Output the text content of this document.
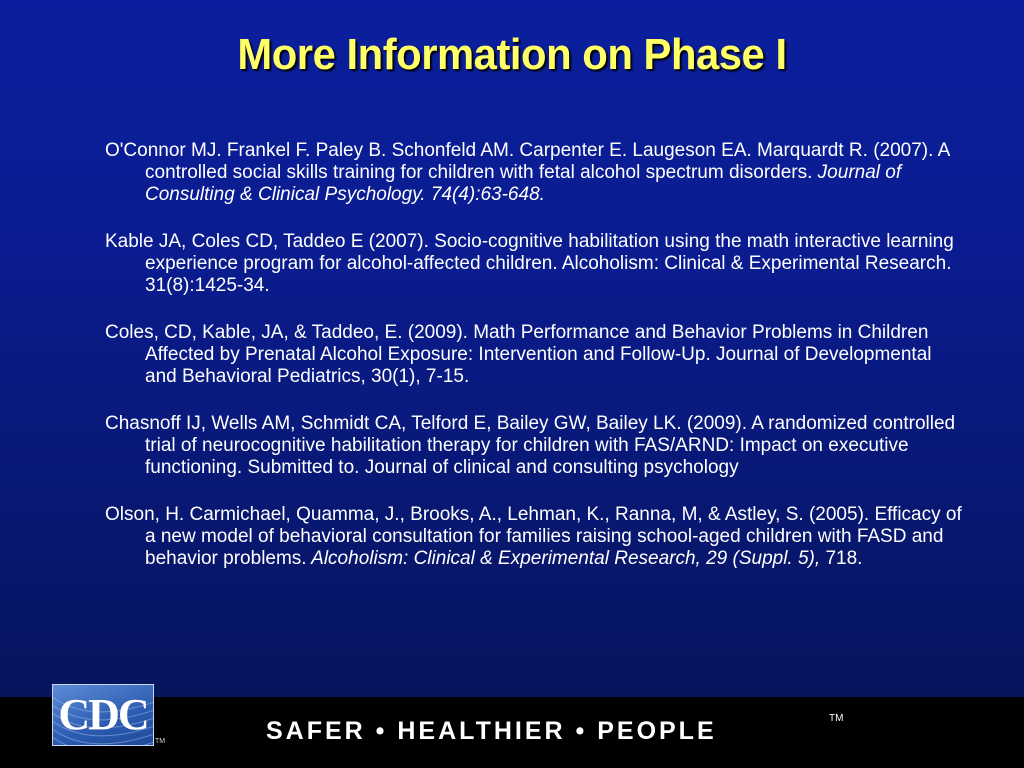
More Information on Phase I

O'Connor MJ. Frankel F. Paley B. Schonfeld AM. Carpenter E. Laugeson EA. Marquardt R. (2007). A controlled social skills training for children with fetal alcohol spectrum disorders. Journal of Consulting & Clinical Psychology. 74(4):63-648.

Kable JA, Coles CD, Taddeo E (2007). Socio-cognitive habilitation using the math interactive learning experience program for alcohol-affected children. Alcoholism: Clinical & Experimental Research. 31(8):1425-34.

Coles, CD, Kable, JA, & Taddeo, E. (2009). Math Performance and Behavior Problems in Children Affected by Prenatal Alcohol Exposure: Intervention and Follow-Up. Journal of Developmental and Behavioral Pediatrics, 30(1), 7-15.

Chasnoff IJ, Wells AM, Schmidt CA, Telford E, Bailey GW, Bailey LK. (2009). A randomized controlled trial of neurocognitive habilitation therapy for children with FAS/ARND: Impact on executive functioning. Submitted to. Journal of clinical and consulting psychology

Olson, H. Carmichael, Quamma, J., Brooks, A., Lehman, K., Ranna, M, & Astley, S. (2005). Efficacy of a new model of behavioral consultation for families raising school-aged children with FASD and behavior problems. Alcoholism: Clinical & Experimental Research, 29 (Suppl. 5), 718.

CDC
TM	SAFER • HEALTHIER • PEOPLE	TM
